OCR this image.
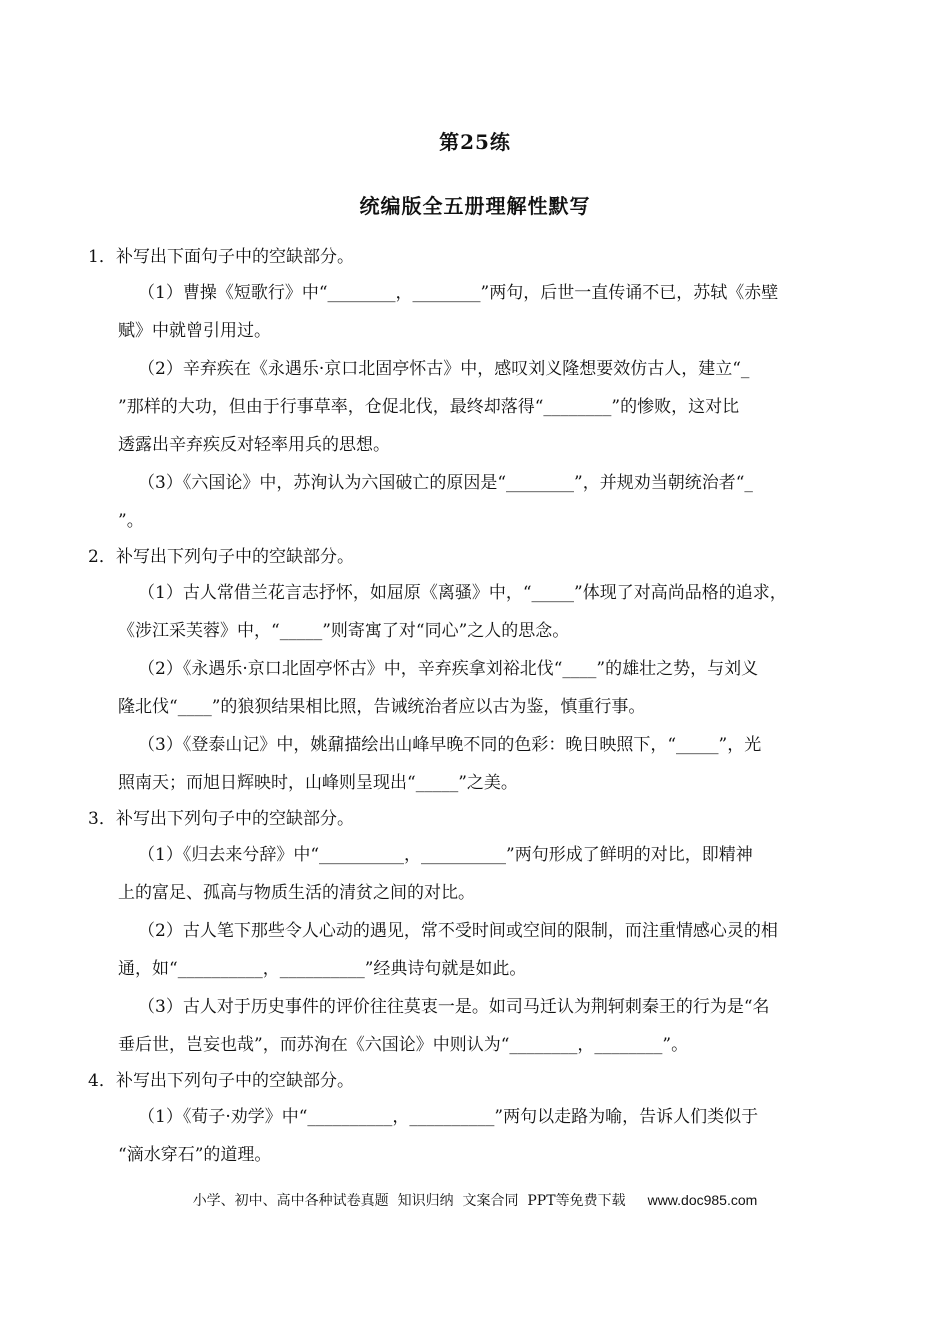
第25练
统编版全五册理解性默写
1．补写出下面句子中的空缺部分。
（1）曹操《短歌行》中“________，________”两句，后世一直传诵不已，苏轼《赤壁
赋》中就曾引用过。
（2）辛弃疾在《永遇乐·京口北固亭怀古》中，感叹刘义隆想要效仿古人，建立“_
”那样的大功，但由于行事草率，仓促北伐，最终却落得“________”的惨败，这对比
透露出辛弃疾反对轻率用兵的思想。
（3）《六国论》中，苏洵认为六国破亡的原因是“________”，并规劝当朝统治者“_
”。
2．补写出下列句子中的空缺部分。
（1）古人常借兰花言志抒怀，如屈原《离骚》中，“_____”体现了对高尚品格的追求，
《涉江采芙蓉》中，“_____”则寄寓了对“同心”之人的思念。
（2）《永遇乐·京口北固亭怀古》中，辛弃疾拿刘裕北伐“____”的雄壮之势，与刘义
隆北伐“____”的狼狈结果相比照，告诫统治者应以古为鉴，慎重行事。
（3）《登泰山记》中，姚鼐描绘出山峰早晚不同的色彩：晚日映照下，“_____”，光
照南天；而旭日辉映时，山峰则呈现出“_____”之美。
3．补写出下列句子中的空缺部分。
（1）《归去来兮辞》中“__________，__________”两句形成了鲜明的对比，即精神
上的富足、孤高与物质生活的清贫之间的对比。
（2）古人笔下那些令人心动的遇见，常不受时间或空间的限制，而注重情感心灵的相
通，如“__________，__________”经典诗句就是如此。
（3）古人对于历史事件的评价往往莫衷一是。如司马迁认为荆轲刺秦王的行为是“名
垂后世，岂妄也哉”，而苏洵在《六国论》中则认为“________，________”。
4．补写出下列句子中的空缺部分。
（1）《荀子·劝学》中“__________，__________”两句以走路为喻，告诉人们类似于
“滴水穿石”的道理。
小学、初中、高中各种试卷真题  知识归纳  文案合同  PPT等免费下载 www.doc985.com
